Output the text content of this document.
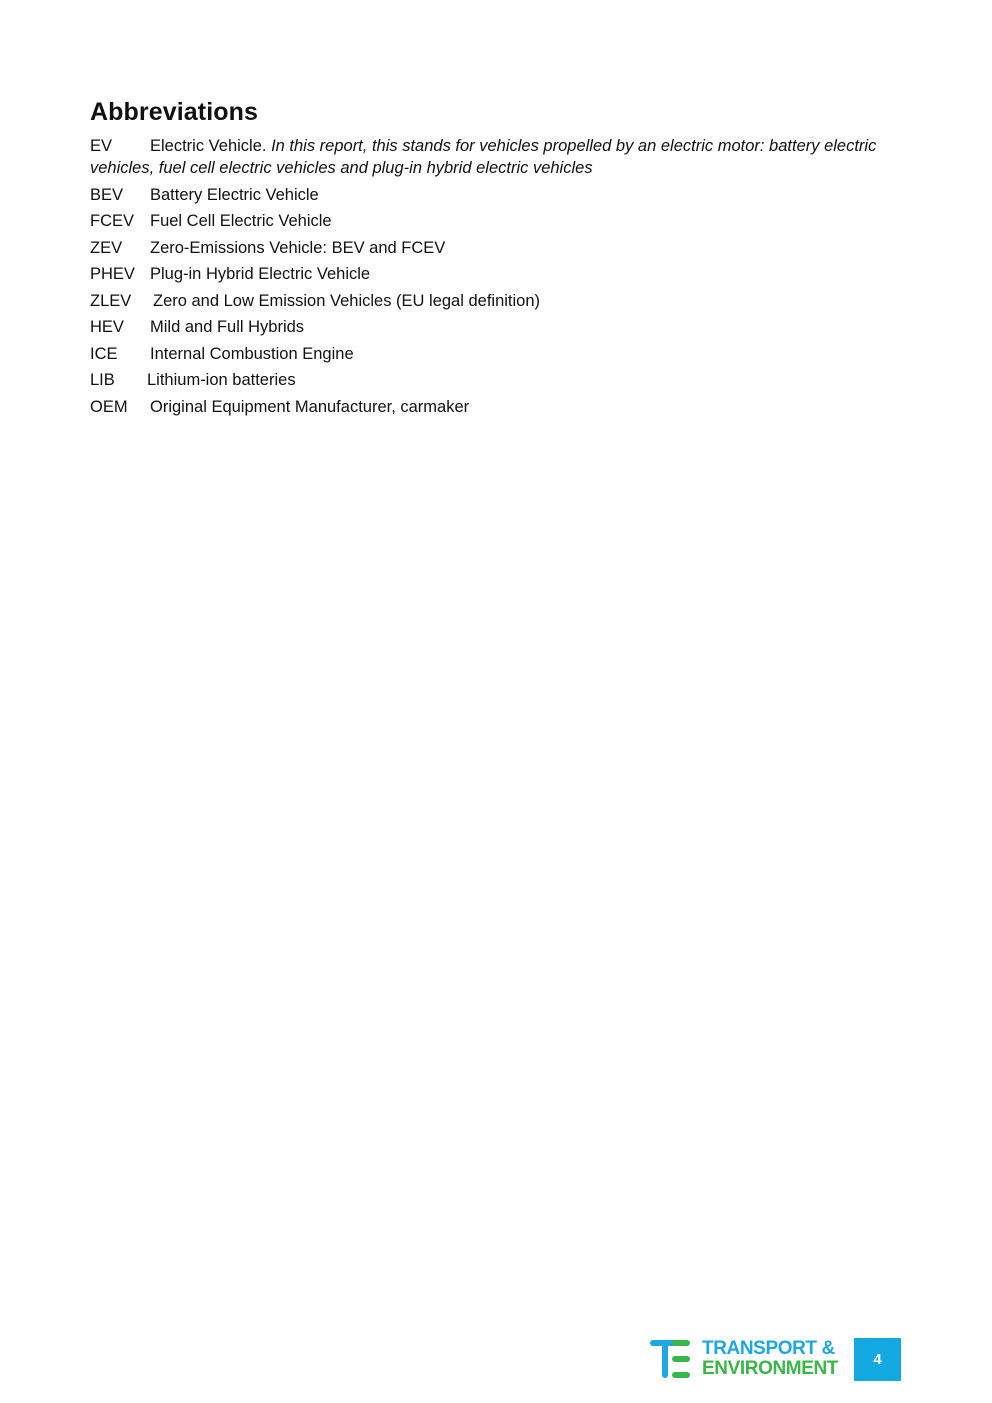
Abbreviations
EV Electric Vehicle. In this report, this stands for vehicles propelled by an electric motor: battery electric vehicles, fuel cell electric vehicles and plug-in hybrid electric vehicles
BEV Battery Electric Vehicle
FCEV Fuel Cell Electric Vehicle
ZEV Zero-Emissions Vehicle: BEV and FCEV
PHEV Plug-in Hybrid Electric Vehicle
ZLEV Zero and Low Emission Vehicles (EU legal definition)
HEV Mild and Full Hybrids
ICE Internal Combustion Engine
LIB Lithium-ion batteries
OEM Original Equipment Manufacturer, carmaker
TRANSPORT &
ENVIRONMENT	4
